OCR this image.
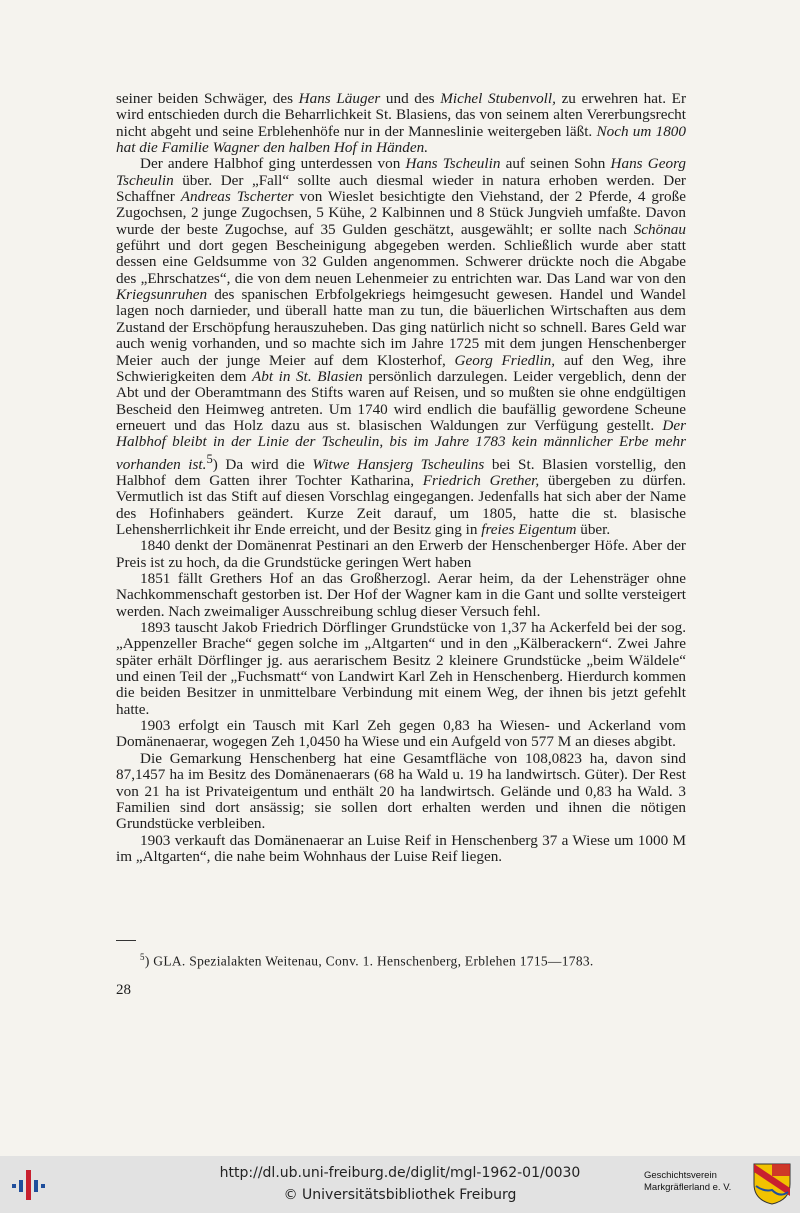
seiner beiden Schwäger, des Hans Läuger und des Michel Stubenvoll, zu erwehren hat. Er wird entschieden durch die Beharrlichkeit St. Blasiens, das von seinem alten Vererbungsrecht nicht abgeht und seine Erblehenhöfe nur in der Manneslinie weitergeben läßt. Noch um 1800 hat die Familie Wagner den halben Hof in Händen.

Der andere Halbhof ging unterdessen von Hans Tscheulin auf seinen Sohn Hans Georg Tscheulin über. Der „Fall“ sollte auch diesmal wieder in natura erhoben werden. Der Schaffner Andreas Tscherter von Wieslet besichtigte den Viehstand, der 2 Pferde, 4 große Zugochsen, 2 junge Zugochsen, 5 Kühe, 2 Kalbinnen und 8 Stück Jungvieh umfaßte. Davon wurde der beste Zugochse, auf 35 Gulden geschätzt, ausgewählt; er sollte nach Schönau geführt und dort gegen Bescheinigung abgegeben werden. Schließlich wurde aber statt dessen eine Geldsumme von 32 Gulden angenommen. Schwerer drückte noch die Abgabe des „Ehrschatzes“, die von dem neuen Lehenmeier zu entrichten war. Das Land war von den Kriegsunruhen des spanischen Erbfolgekriegs heimgesucht gewesen. Handel und Wandel lagen noch darnieder, und überall hatte man zu tun, die bäuerlichen Wirtschaften aus dem Zustand der Erschöpfung herauszuheben. Das ging natürlich nicht so schnell. Bares Geld war auch wenig vorhanden, und so machte sich im Jahre 1725 mit dem jungen Henschenberger Meier auch der junge Meier auf dem Klosterhof, Georg Friedlin, auf den Weg, ihre Schwierigkeiten dem Abt in St. Blasien persönlich darzulegen. Leider vergeblich, denn der Abt und der Oberamtmann des Stifts waren auf Reisen, und so mußten sie ohne endgültigen Bescheid den Heimweg antreten. Um 1740 wird endlich die baufällig gewordene Scheune erneuert und das Holz dazu aus st. blasischen Waldungen zur Verfügung gestellt. Der Halbhof bleibt in der Linie der Tscheulin, bis im Jahre 1783 kein männlicher Erbe mehr vorhanden ist.$^5$) Da wird die Witwe Hansjerg Tscheulins bei St. Blasien vorstellig, den Halbhof dem Gatten ihrer Tochter Katharina, Friedrich Grether, übergeben zu dürfen. Vermutlich ist das Stift auf diesen Vorschlag eingegangen. Jedenfalls hat sich aber der Name des Hofinhabers geändert. Kurze Zeit darauf, um 1805, hatte die st. blasische Lehensherrlichkeit ihr Ende erreicht, und der Besitz ging in freies Eigentum über.

1840 denkt der Domänenrat Pestinari an den Erwerb der Henschenberger Höfe. Aber der Preis ist zu hoch, da die Grundstücke geringen Wert haben

1851 fällt Grethers Hof an das Großherzogl. Aerar heim, da der Lehensträger ohne Nachkommenschaft gestorben ist. Der Hof der Wagner kam in die Gant und sollte versteigert werden. Nach zweimaliger Ausschreibung schlug dieser Versuch fehl.

1893 tauscht Jakob Friedrich Dörflinger Grundstücke von 1,37 ha Ackerfeld bei der sog. „Appenzeller Brache“ gegen solche im „Altgarten“ und in den „Kälberackern“. Zwei Jahre später erhält Dörflinger jg. aus aerarischem Besitz 2 kleinere Grundstücke „beim Wäldele“ und einen Teil der „Fuchsmatt“ von Landwirt Karl Zeh in Henschenberg. Hierdurch kommen die beiden Besitzer in unmittelbare Verbindung mit einem Weg, der ihnen bis jetzt gefehlt hatte.

1903 erfolgt ein Tausch mit Karl Zeh gegen 0,83 ha Wiesen- und Ackerland vom Domänenaerar, wogegen Zeh 1,0450 ha Wiese und ein Aufgeld von 577 M an dieses abgibt.

Die Gemarkung Henschenberg hat eine Gesamtfläche von 108,0823 ha, davon sind 87,1457 ha im Besitz des Domänenaerars (68 ha Wald u. 19 ha landwirtsch. Güter). Der Rest von 21 ha ist Privateigentum und enthält 20 ha landwirtsch. Gelände und 0,83 ha Wald. 3 Familien sind dort ansässig; sie sollen dort erhalten werden und ihnen die nötigen Grundstücke verbleiben.

1903 verkauft das Domänenaerar an Luise Reif in Henschenberg 37 a Wiese um 1000 M im „Altgarten“, die nahe beim Wohnhaus der Luise Reif liegen.

$^5$) GLA. Spezialakten Weitenau, Conv. 1. Henschenberg, Erblehen 1715—1783.
28
http://dl.ub.uni-freiburg.de/diglit/mgl-1962-01/0030
© Universitätsbibliothek Freiburg
Geschichtsverein
Markgräflerland e. V.
